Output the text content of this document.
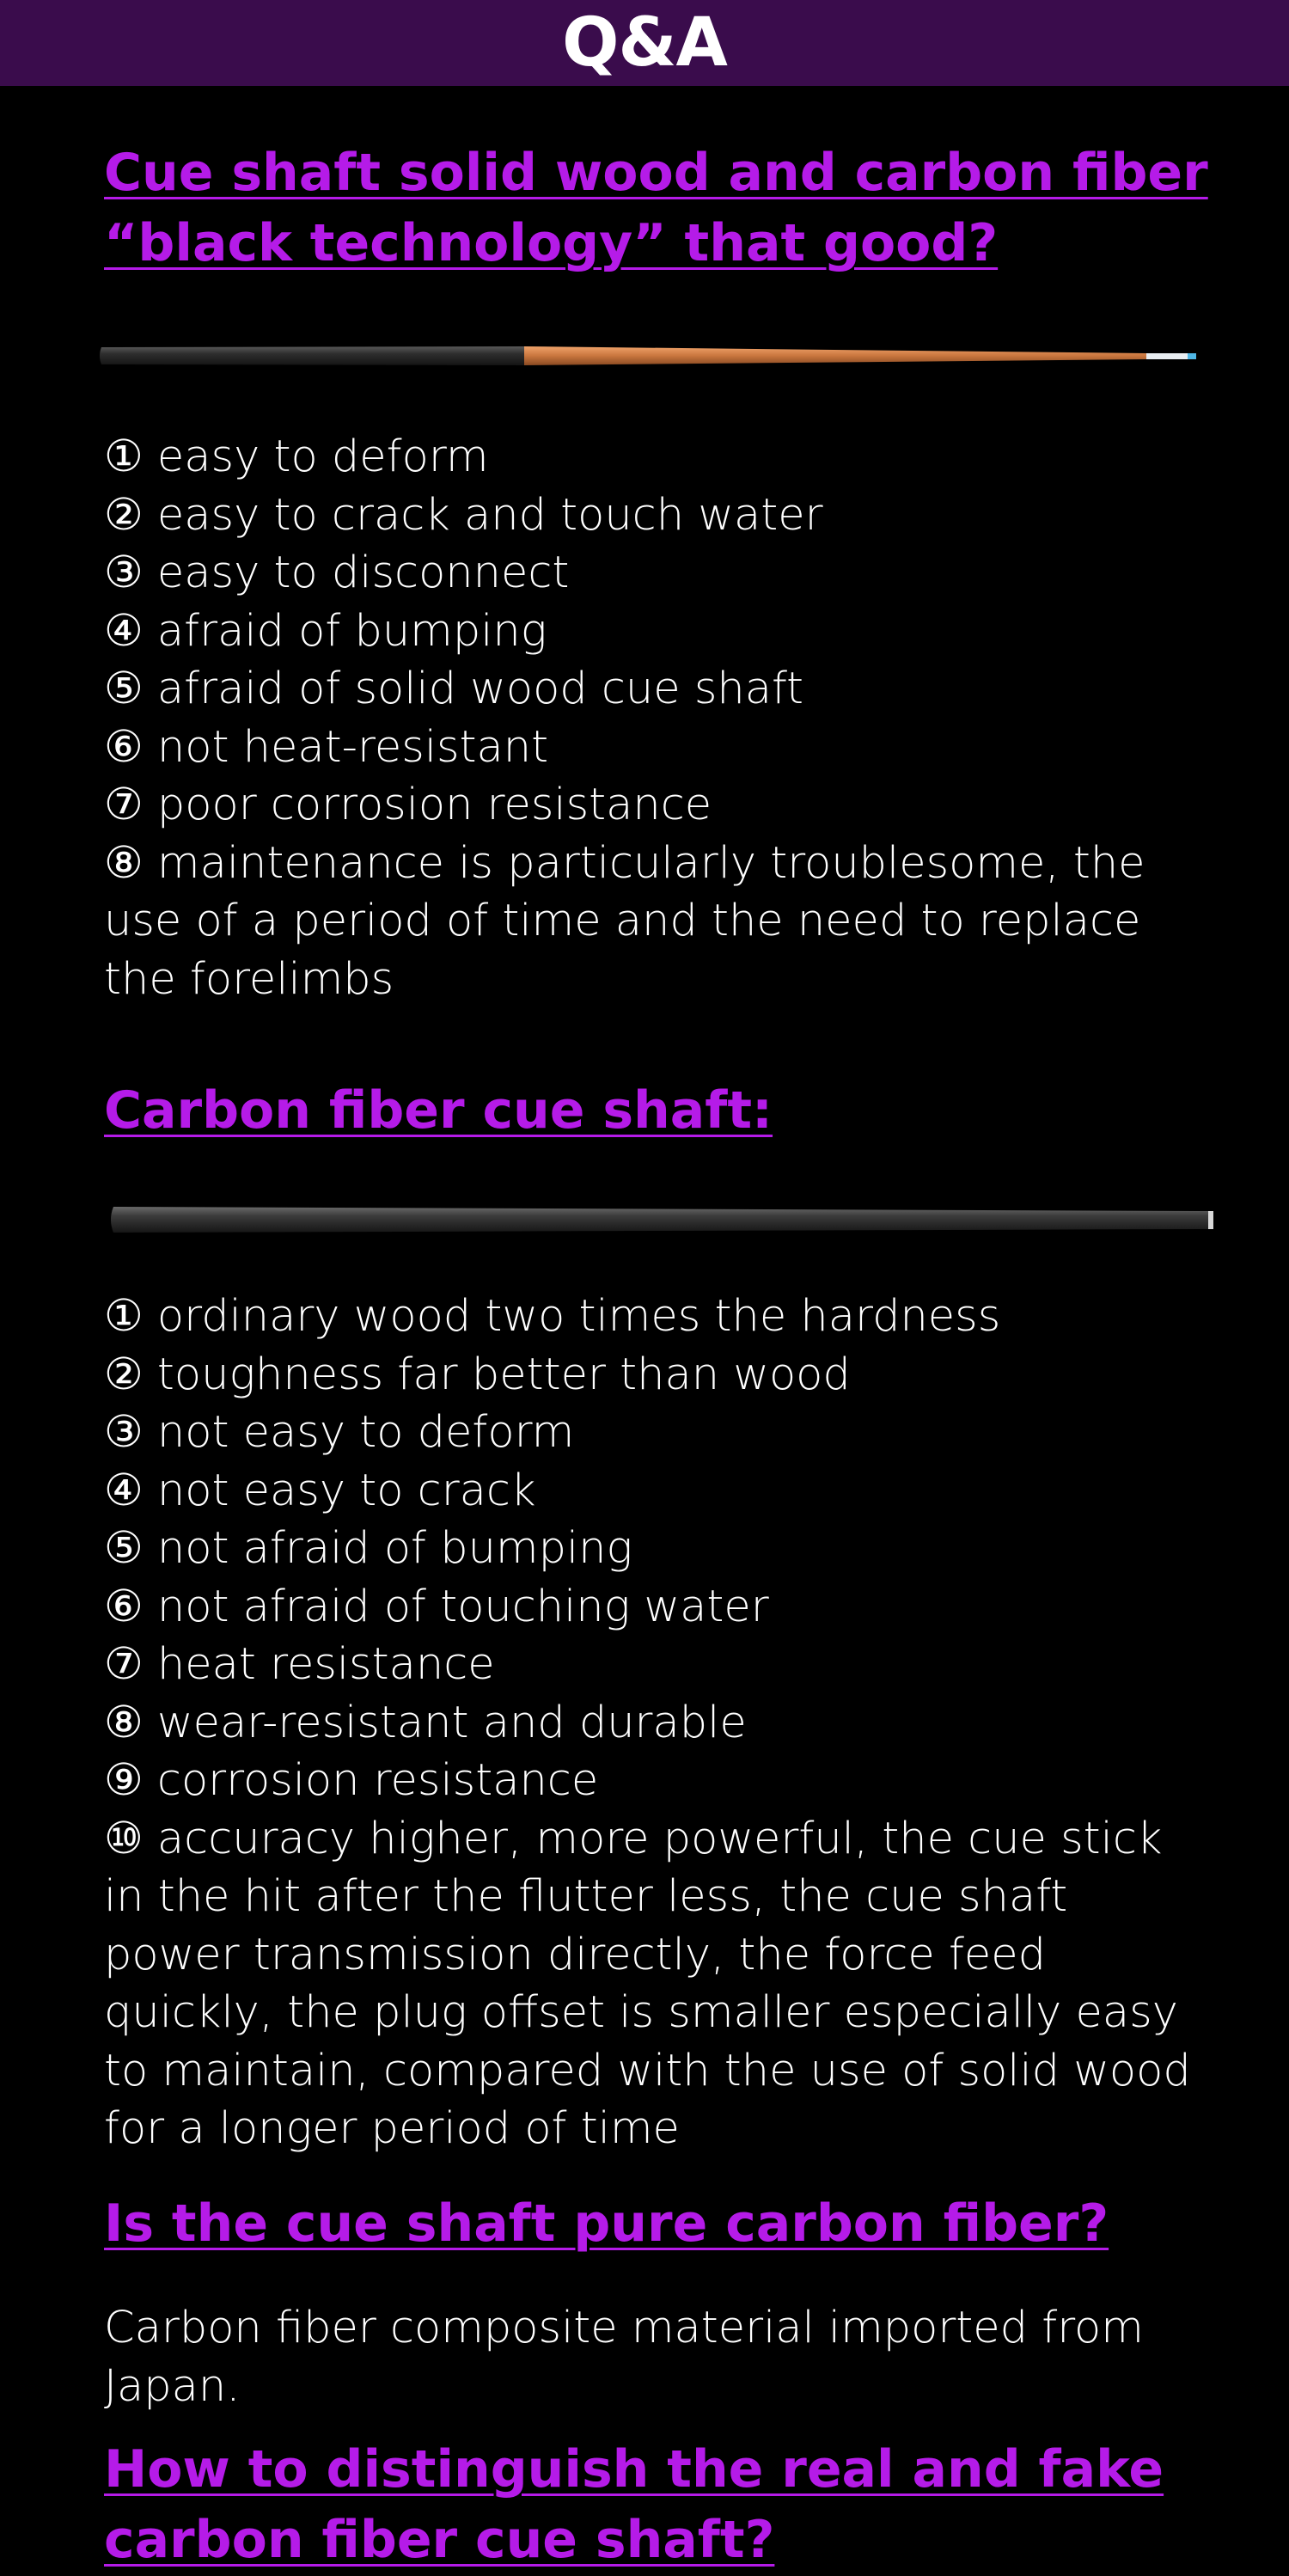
Q&A
Cue shaft solid wood and carbon fiber “black technology” that good?
① easy to deform
② easy to crack and touch water
③ easy to disconnect
④ afraid of bumping
⑤ afraid of solid wood cue shaft
⑥ not heat-resistant
⑦ poor corrosion resistance
⑧ maintenance is particularly troublesome, the use of a period of time and the need to replace the forelimbs
Carbon fiber cue shaft:
① ordinary wood two times the hardness
② toughness far better than wood
③ not easy to deform
④ not easy to crack
⑤ not afraid of bumping
⑥ not afraid of touching water
⑦ heat resistance
⑧ wear-resistant and durable
⑨ corrosion resistance
⑩ accuracy higher, more powerful, the cue stick in the hit after the flutter less, the cue shaft power transmission directly, the force feed quickly, the plug offset is smaller especially easy to maintain, compared with the use of solid wood for a longer period of time
Is the cue shaft pure carbon fiber?

Carbon fiber composite material imported from Japan.

How to distinguish the real and fake carbon fiber cue shaft?
